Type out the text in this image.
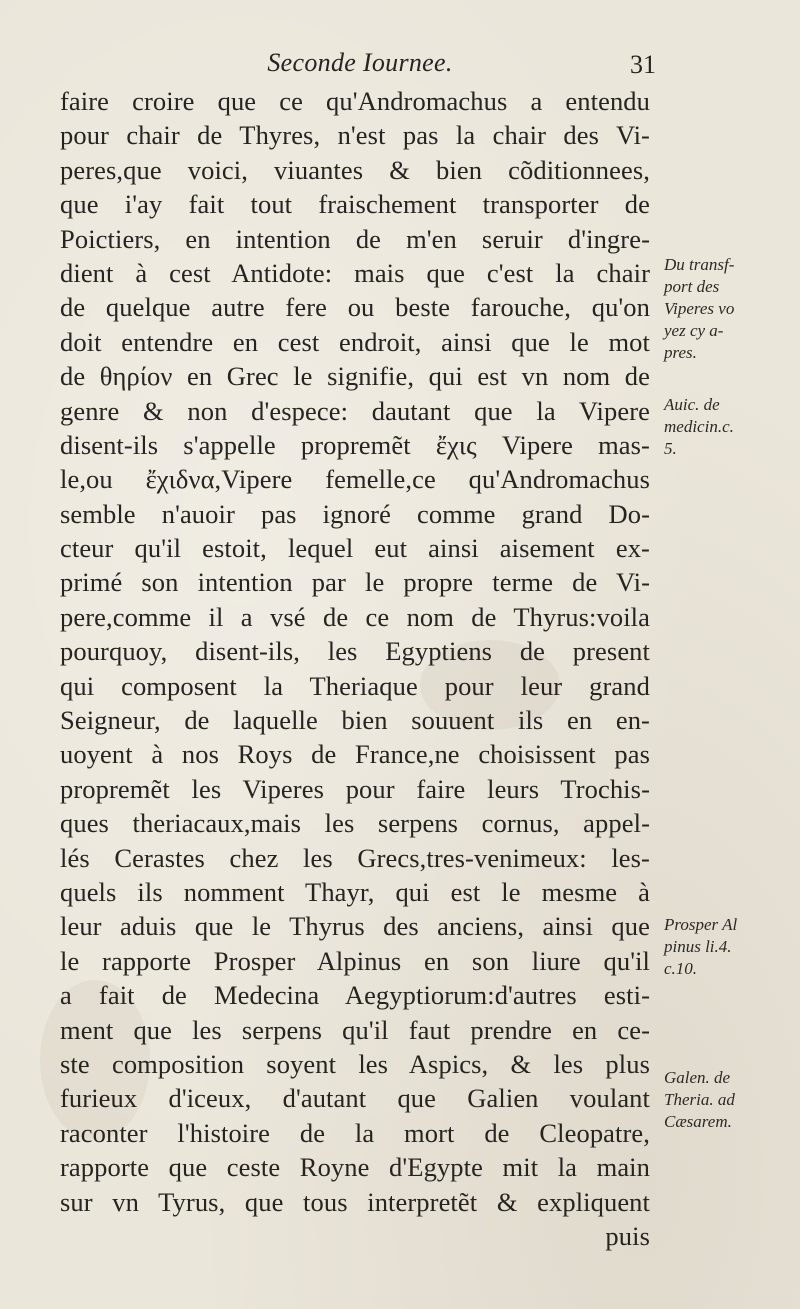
Seconde Iournee.	31
faire croire que ce qu'Andromachus a entendu
pour chair de Thyres, n'est pas la chair des Vi-
peres,que voici, viuantes & bien cõditionnees,
que i'ay fait tout fraischement transporter de
Poictiers, en intention de m'en seruir d'ingre-
dient à cest Antidote: mais que c'est la chair
de quelque autre fere ou beste farouche, qu'on
doit entendre en cest endroit, ainsi que le mot
de θηρίον en Grec le signifie, qui est vn nom de
genre & non d'espece: dautant que la Vipere
disent-ils s'appelle propremẽt ἔχις Vipere mas-
le,ou ἔχιδνα,Vipere femelle,ce qu'Andromachus
semble n'auoir pas ignoré comme grand Do-
cteur qu'il estoit, lequel eut ainsi aisement ex-
primé son intention par le propre terme de Vi-
pere,comme il a vsé de ce nom de Thyrus:voila
pourquoy, disent-ils, les Egyptiens de present
qui composent la Theriaque pour leur grand
Seigneur, de laquelle bien souuent ils en en-
uoyent à nos Roys de France,ne choisissent pas
propremẽt les Viperes pour faire leurs Trochis-
ques theriacaux,mais les serpens cornus, appel-
lés Cerastes chez les Grecs,tres-venimeux: les-
quels ils nomment Thayr, qui est le mesme à
leur aduis que le Thyrus des anciens, ainsi que
le rapporte Prosper Alpinus en son liure qu'il
a fait de Medecina Aegyptiorum:d'autres esti-
ment que les serpens qu'il faut prendre en ce-
ste composition soyent les Aspics, & les plus
furieux d'iceux, d'autant que Galien voulant
raconter l'histoire de la mort de Cleopatre,
rapporte que ceste Royne d'Egypte mit la main
sur vn Tyrus, que tous interpretẽt & expliquent
puis
Du transf-
port des
Viperes vo
yez cy a-
pres.
Auic. de
medicin.c.
5.
Prosper Al
pinus li.4.
c.10.
Galen. de
Theria. ad
Cæsarem.
